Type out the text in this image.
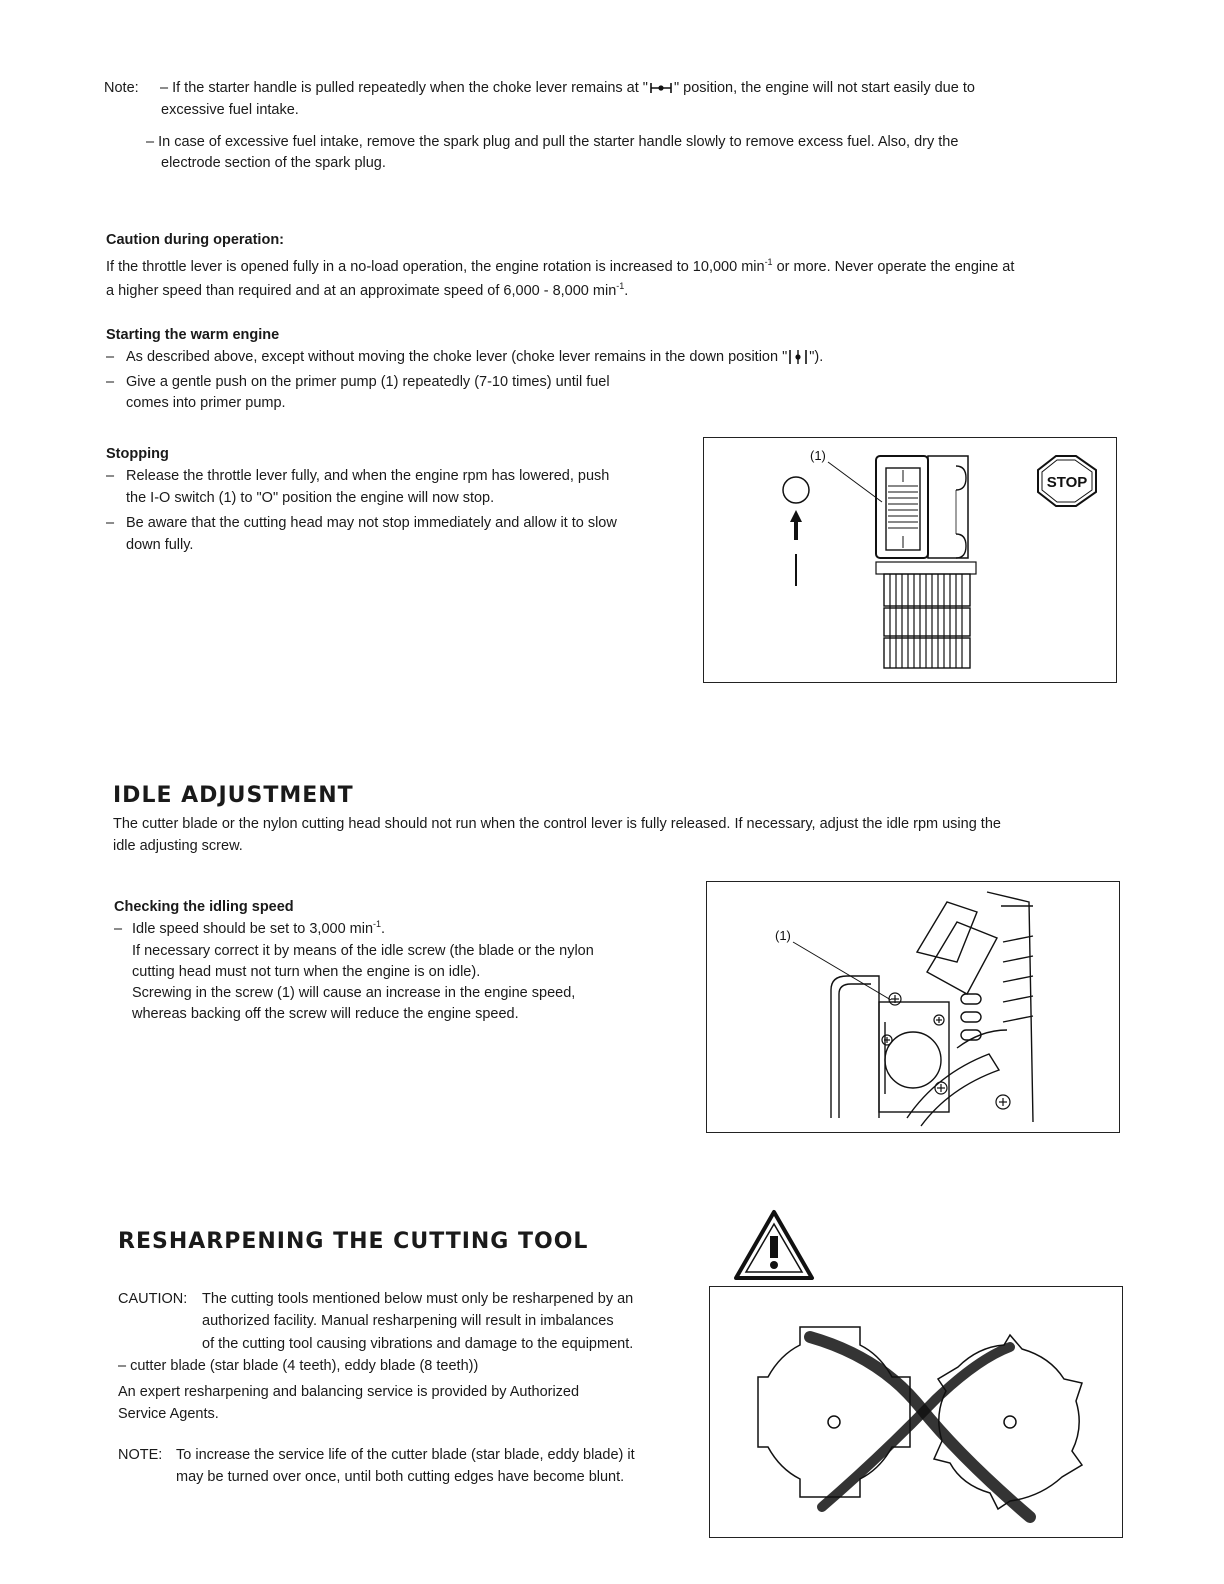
Note:	– If the starter handle is pulled repeatedly when the choke lever remains at " " position, the engine will not start easily due to
excessive fuel intake.
– In case of excessive fuel intake, remove the spark plug and pull the starter handle slowly to remove excess fuel. Also, dry the
electrode section of the spark plug.
Caution during operation:
If the throttle lever is opened fully in a no-load operation, the engine rotation is increased to 10,000 $\min^{-1}$ or more. Never operate the engine at
a higher speed than required and at an approximate speed of 6,000 - 8,000 $\min^{-1}$.
Starting the warm engine
– As described above, except without moving the choke lever (choke lever remains in the down position " ").
– Give a gentle push on the primer pump (1) repeatedly (7-10 times) until fuel
comes into primer pump.
Stopping
– Release the throttle lever fully, and when the engine rpm has lowered, push
the I-O switch (1) to "O" position the engine will now stop.
– Be aware that the cutting head may not stop immediately and allow it to slow
down fully.
(1)
STOP
IDLE ADJUSTMENT
The cutter blade or the nylon cutting head should not run when the control lever is fully released. If necessary, adjust the idle rpm using the
idle adjusting screw.
Checking the idling speed
– Idle speed should be set to 3,000 $\min^{-1}$.
If necessary correct it by means of the idle screw (the blade or the nylon
cutting head must not turn when the engine is on idle).
Screwing in the screw (1) will cause an increase in the engine speed,
whereas backing off the screw will reduce the engine speed.
(1)
RESHARPENING THE CUTTING TOOL
CAUTION:	The cutting tools mentioned below must only be resharpened by an
authorized facility. Manual resharpening will result in imbalances
of the cutting tool causing vibrations and damage to the equipment.
– cutter blade (star blade (4 teeth), eddy blade (8 teeth))
An expert resharpening and balancing service is provided by Authorized
Service Agents.
NOTE: To increase the service life of the cutter blade (star blade, eddy blade) it
may be turned over once, until both cutting edges have become blunt.
